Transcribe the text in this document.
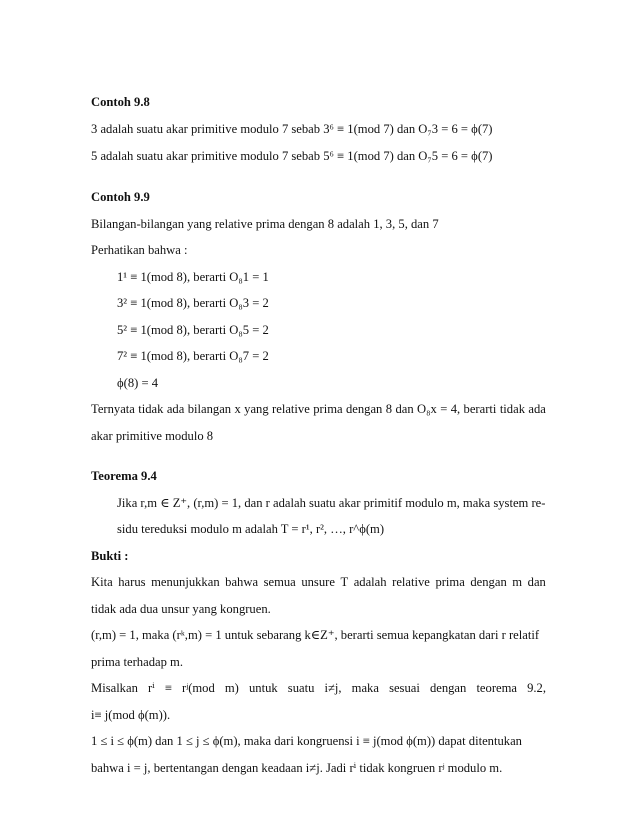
Contoh 9.8
3 adalah suatu akar primitive modulo 7 sebab 3⁶ ≡ 1(mod 7) dan O₇3 = 6 = ϕ(7)
5 adalah suatu akar primitive modulo 7 sebab 5⁶ ≡ 1(mod 7) dan O₇5 = 6 = ϕ(7)
Contoh 9.9
Bilangan-bilangan yang relative prima dengan 8 adalah 1, 3, 5, dan 7
Perhatikan bahwa :
1¹ ≡ 1(mod 8), berarti O₈1 = 1
3² ≡ 1(mod 8), berarti O₈3 = 2
5² ≡ 1(mod 8), berarti O₈5 = 2
7² ≡ 1(mod 8), berarti O₈7 = 2
ϕ(8) = 4
Ternyata tidak ada bilangan x yang relative prima dengan 8 dan O₈x = 4, berarti tidak ada
akar primitive modulo 8
Teorema 9.4
Jika r,m ∈ Z⁺, (r,m) = 1, dan r adalah suatu akar primitif modulo m, maka system re-
sidu tereduksi modulo m adalah T = r¹, r², …, r^ϕ(m)
Bukti :
Kita harus menunjukkan bahwa semua unsure T adalah relative prima dengan m dan
tidak ada dua unsur yang kongruen.
(r,m) = 1, maka (rᵏ,m) = 1 untuk sebarang k∈Z⁺, berarti semua kepangkatan dari r relatif
prima terhadap m.
Misalkan rⁱ ≡ rʲ(mod m) untuk suatu i≠j, maka sesuai dengan teorema 9.2,
i≡ j(mod ϕ(m)).
1 ≤ i ≤ ϕ(m) dan 1 ≤ j ≤ ϕ(m), maka dari kongruensi i ≡ j(mod ϕ(m)) dapat ditentukan
bahwa i = j, bertentangan dengan keadaan i≠j. Jadi rⁱ tidak kongruen rʲ modulo m.
